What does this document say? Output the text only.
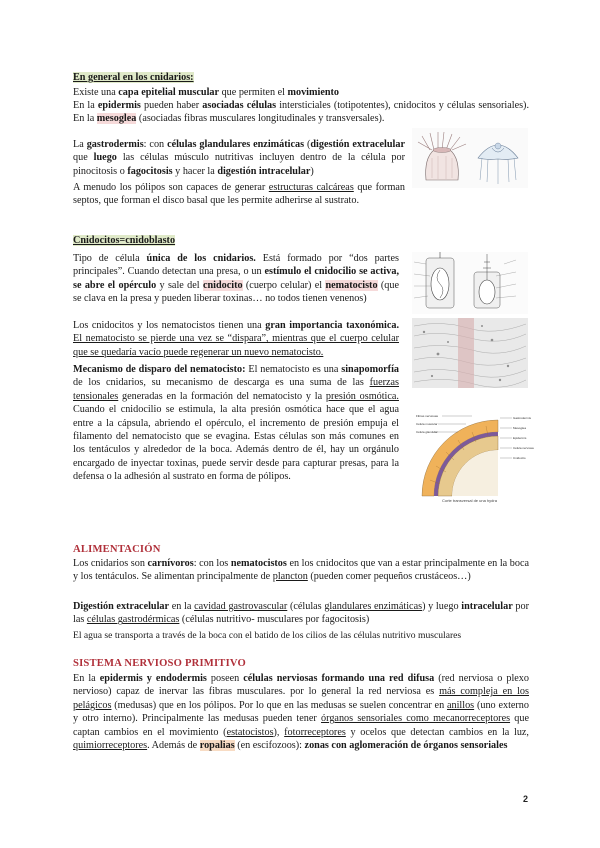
En general en los cnidarios:
Existe una capa epitelial muscular que permiten el movimiento
En la epidermis pueden haber asociadas células intersticiales (totipotentes), cnidocitos y células sensoriales). En la mesoglea (asociadas fibras musculares longitudinales y transversales).
La gastrodermis: con células glandulares enzimáticas (digestión extracelular que luego las células músculo nutritivas incluyen dentro de la célula por pinocitosis o fagocitosis y hacer la digestión intracelular)
A menudo los pólipos son capaces de generar estructuras calcáreas que forman septos, que forman el disco basal que les permite adherirse al sustrato.
Cnidocitos=cnidoblasto
Tipo de célula única de los cnidarios. Está formado por “dos partes principales”. Cuando detectan una presa, o un estímulo el cnidocilio se activa, se abre el opérculo y sale del cnidocito (cuerpo celular) el nematocisto (que se clava en la presa y pueden liberar toxinas… no todos tienen venenos)
Los cnidocitos y los nematocistos tienen una gran importancia taxonómica. El nematocisto se pierde una vez se “dispara”, mientras que el cuerpo celular que se quedaría vacío puede regenerar un nuevo nematocisto.
Mecanismo de disparo del nematocisto: El nematocisto es una sinapomorfía de los cnidarios, su mecanismo de descarga es una suma de las fuerzas tensionales generadas en la formación del nematocisto y la presión osmótica. Cuando el cnidocilio se estimula, la alta presión osmótica hace que el agua entre a la cápsula, abriendo el opérculo, el incremento de presión empuja el filamento del nematocisto que se evagina. Estas células son más comunes en los tentáculos y alrededor de la boca. Además dentro de él, hay un orgánulo encargado de inyectar toxinas, puede servir desde para capturar presas, para la defensa o la adhesión al sustrato en forma de pólipos.
Fibras nerviosas
Célula muscular
Célula glandular
Gastrodermis
Mesoglea
Epidermis
Célula nerviosa
Cnidocito
Corte transversal de una hydra
ALIMENTACIÓN
Los cnidarios son carnívoros: con los nematocistos en los cnidocitos que van a estar principalmente en la boca y los tentáculos. Se alimentan principalmente de plancton (pueden comer pequeños crustáceos…)
Digestión extracelular en la cavidad gastrovascular (células glandulares enzimáticas) y luego intracelular por las células gastrodérmicas (células nutritivo- musculares por fagocitosis)
El agua se transporta a través de la boca con el batido de los cilios de las células nutritivo musculares
SISTEMA NERVIOSO PRIMITIVO
En la epidermis y endodermis poseen células nerviosas formando una red difusa (red nerviosa o plexo nervioso) capaz de inervar las fibras musculares. por lo general la red nerviosa es más compleja en los pelágicos (medusas) que en los pólipos. Por lo que en las medusas se suelen concentrar en anillos (uno externo y otro interno). Principalmente las medusas pueden tener órganos sensoriales como mecanorreceptores que captan cambios en el movimiento (estatocistos), fotorreceptores y ocelos que detectan cambios en la luz, quimiorreceptores. Además de ropalias (en escifozoos): zonas con aglomeración de órganos sensoriales
2
